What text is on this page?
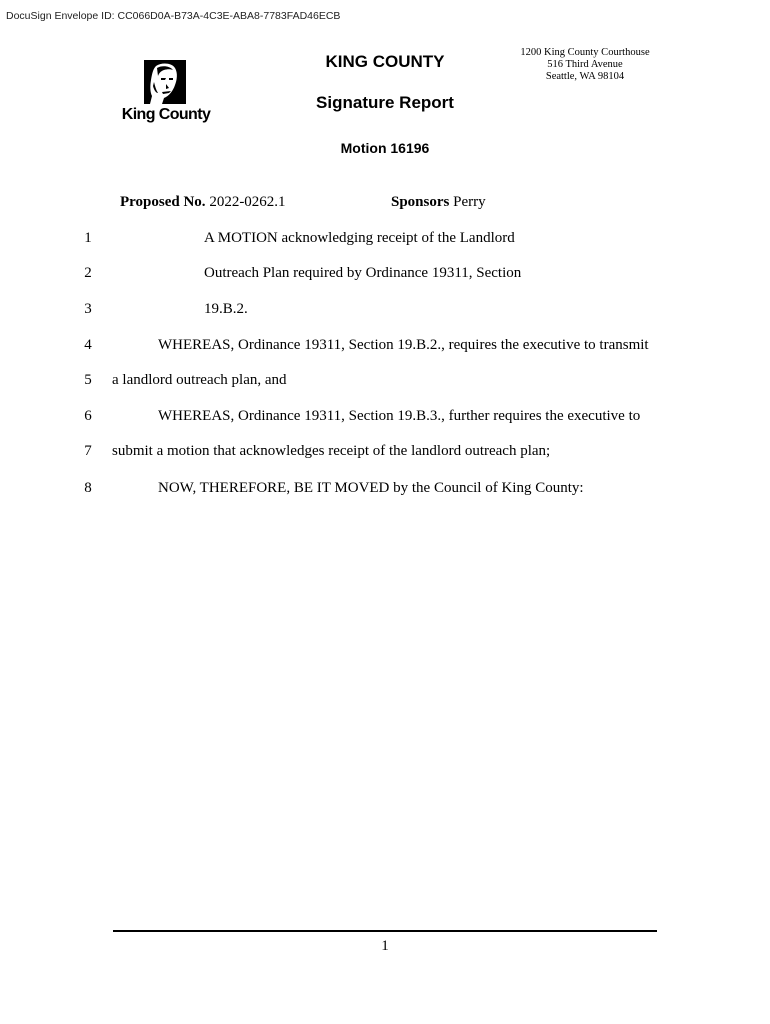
DocuSign Envelope ID: CC066D0A-B73A-4C3E-ABA8-7783FAD46ECB
King County
KING COUNTY	1200 King County Courthouse
516 Third Avenue
Seattle, WA 98104
Signature Report
Motion 16196
Proposed No. 2022-0262.1	Sponsors Perry
1	A MOTION acknowledging receipt of the Landlord
2	Outreach Plan required by Ordinance 19311, Section
3	19.B.2.
4	WHEREAS, Ordinance 19311, Section 19.B.2., requires the executive to transmit
5 a landlord outreach plan, and
6	WHEREAS, Ordinance 19311, Section 19.B.3., further requires the executive to
7 submit a motion that acknowledges receipt of the landlord outreach plan;
8	NOW, THEREFORE, BE IT MOVED by the Council of King County:
1
